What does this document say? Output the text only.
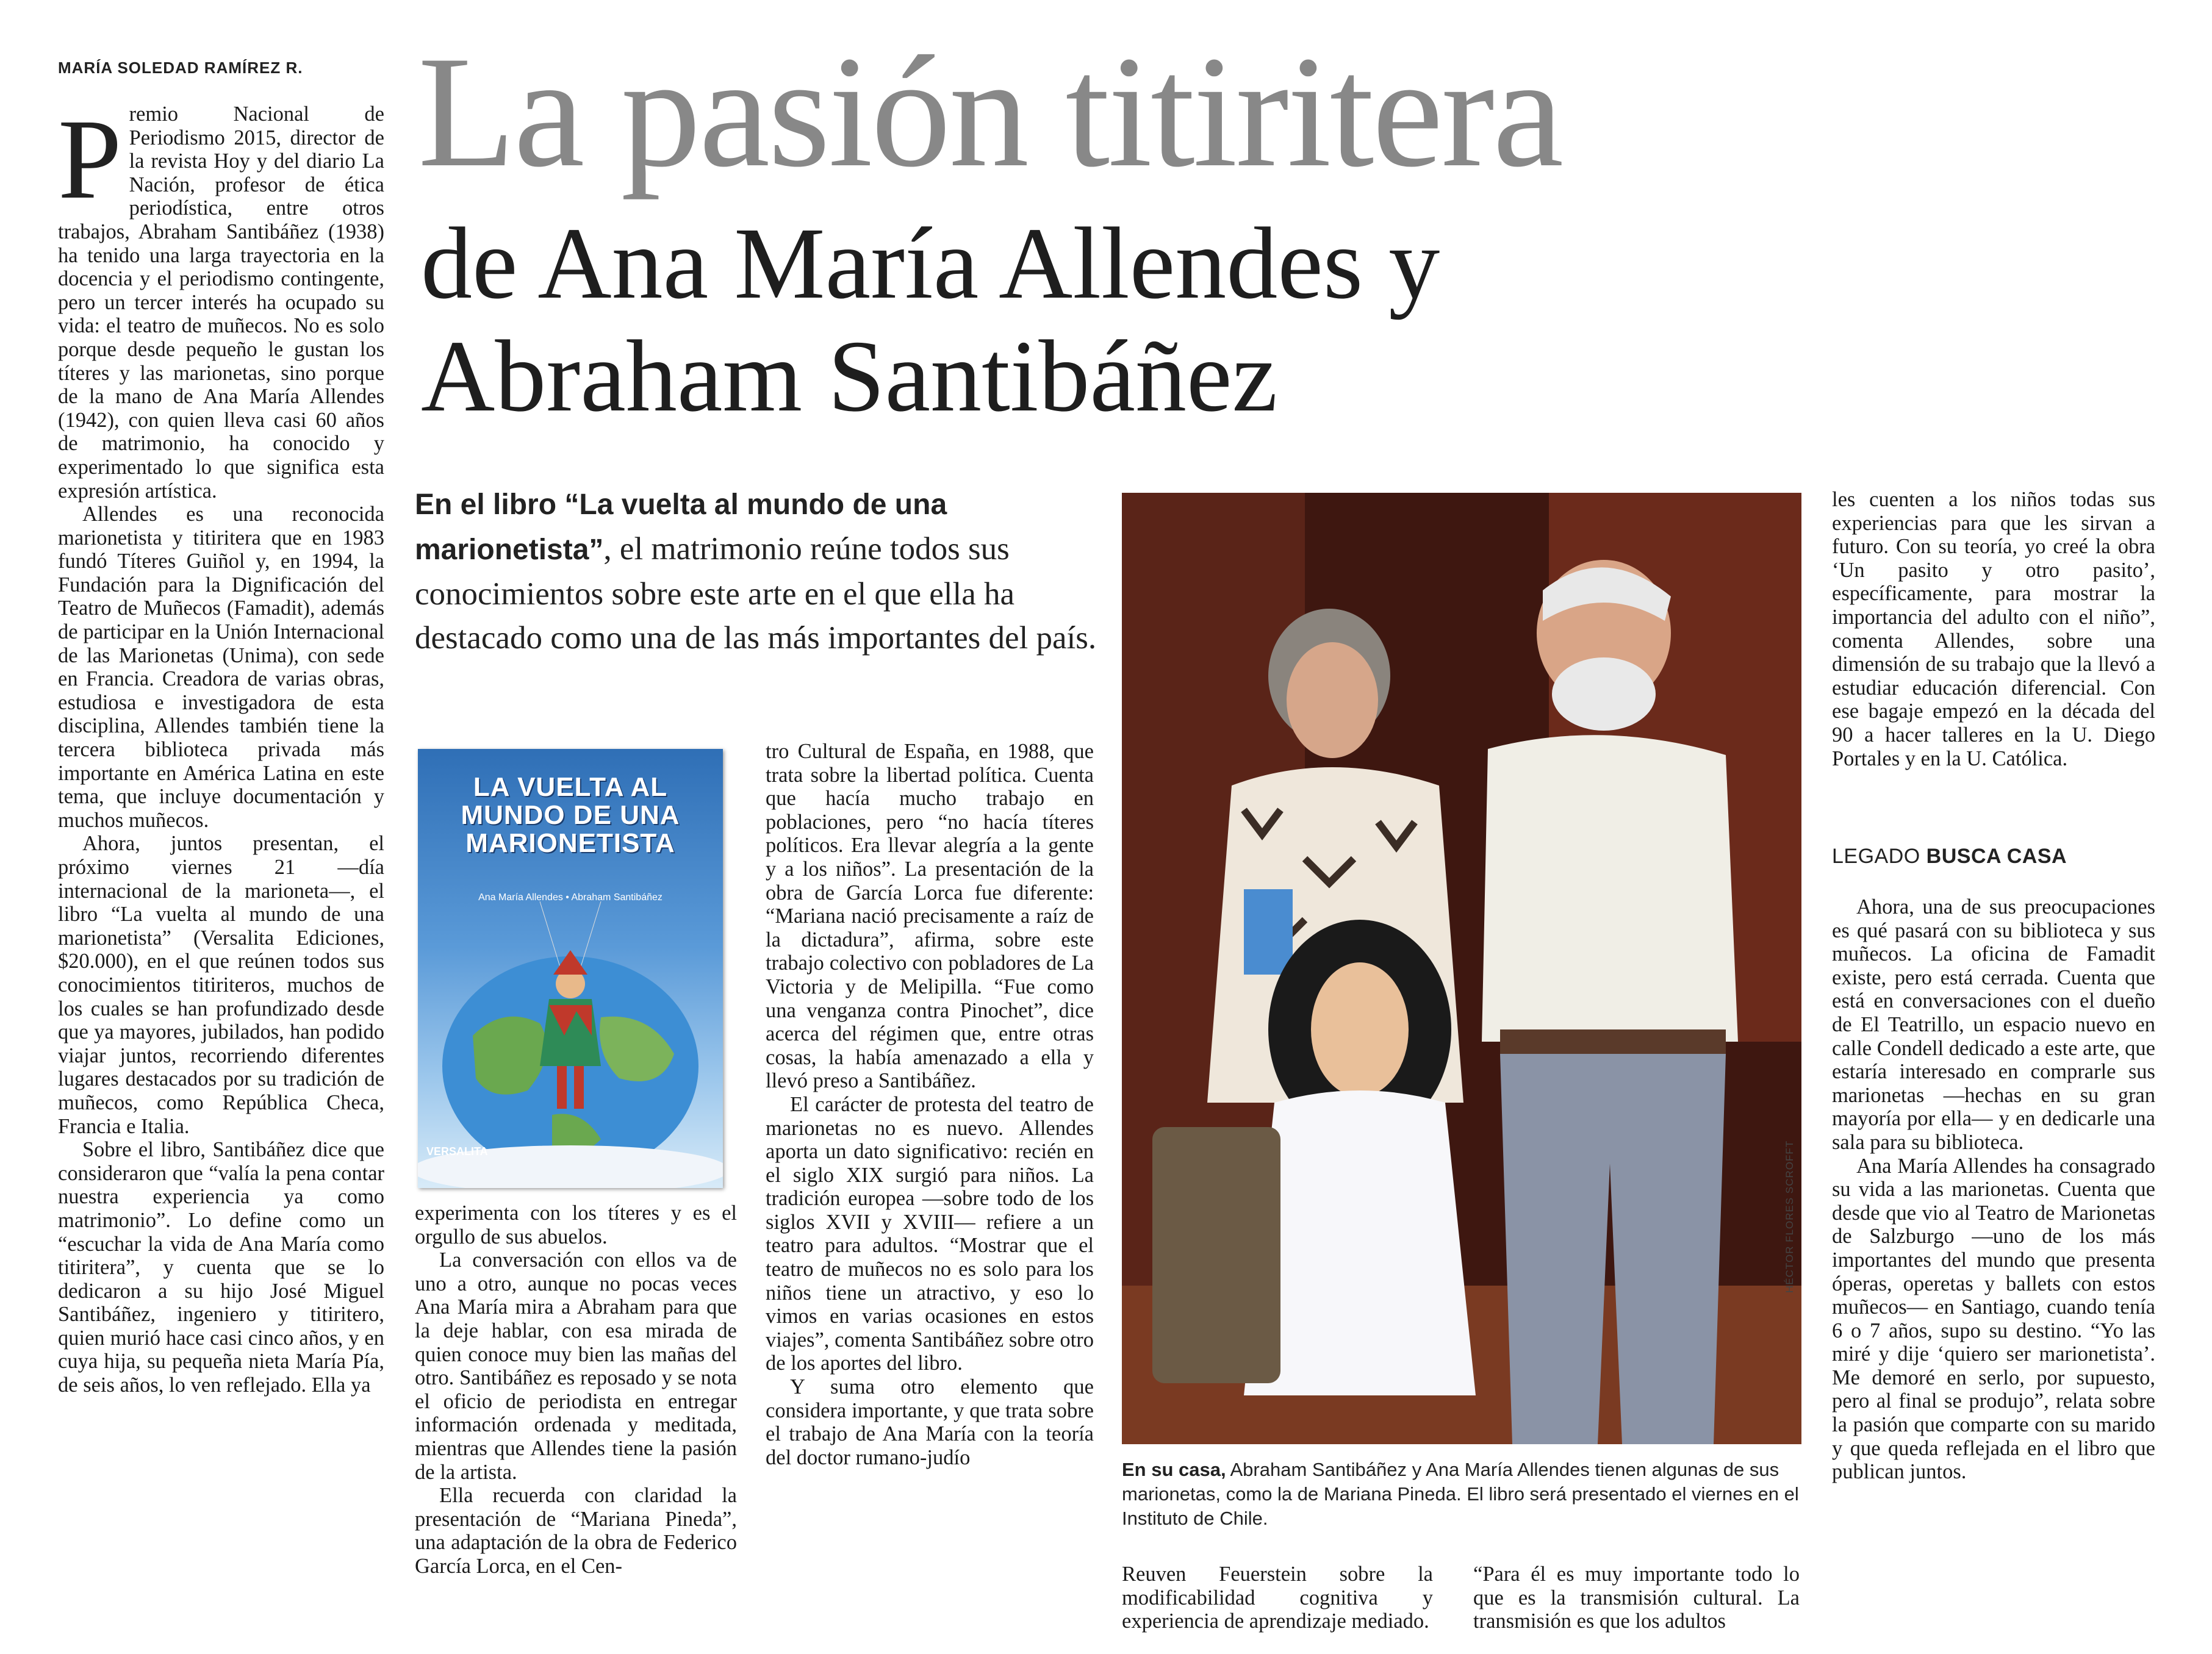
MARÍA SOLEDAD RAMÍREZ R.

Premio Nacional de Periodismo 2015, director de la revista Hoy y del diario La Nación, profesor de ética periodística, entre otros trabajos, Abraham Santibáñez (1938) ha tenido una larga trayectoria en la docencia y el periodismo contingente, pero un tercer interés ha ocupado su vida: el teatro de muñecos. No es solo porque desde pequeño le gustan los títeres y las marionetas, sino porque de la mano de Ana María Allendes (1942), con quien lleva casi 60 años de matrimonio, ha conocido y experimentado lo que significa esta expresión artística.

Allendes es una reconocida marionetista y titiritera que en 1983 fundó Títeres Guiñol y, en 1994, la Fundación para la Dignificación del Teatro de Muñecos (Famadit), además de participar en la Unión Internacional de las Marionetas (Unima), con sede en Francia. Creadora de varias obras, estudiosa e investigadora de esta disciplina, Allendes también tiene la tercera biblioteca privada más importante en América Latina en este tema, que incluye documentación y muchos muñecos.

Ahora, juntos presentan, el próximo viernes 21 —día internacional de la marioneta—, el libro “La vuelta al mundo de una marionetista” (Versalita Ediciones, $20.000), en el que reúnen todos sus conocimientos titiriteros, muchos de los cuales se han profundizado desde que ya mayores, jubilados, han podido viajar juntos, recorriendo diferentes lugares destacados por su tradición de muñecos, como República Checa, Francia e Italia.

Sobre el libro, Santibáñez dice que consideraron que “valía la pena contar nuestra experiencia ya como matrimonio”. Lo define como un “escuchar la vida de Ana María como titiritera”, y cuenta que se lo dedicaron a su hijo José Miguel Santibáñez, ingeniero y titiritero, quien murió hace casi cinco años, y en cuya hija, su pequeña nieta María Pía, de seis años, lo ven reflejado. Ella ya

La pasión titiritera
de Ana María Allendes y
Abraham Santibáñez
En el libro “La vuelta al mundo de una marionetista”, el matrimonio reúne todos sus conocimientos sobre este arte en el que ella ha destacado como una de las más importantes del país.
LA VUELTA AL MUNDO DE UNA MARIONETISTA
Ana María Allendes • Abraham Santibáñez
VERSALITA

experimenta con los títeres y es el orgullo de sus abuelos.

La conversación con ellos va de uno a otro, aunque no pocas veces Ana María mira a Abraham para que la deje hablar, con esa mirada de quien conoce muy bien las mañas del otro. Santibáñez es reposado y se nota el oficio de periodista en entregar información ordenada y meditada, mientras que Allendes tiene la pasión de la artista.

Ella recuerda con claridad la presentación de “Mariana Pineda”, una adaptación de la obra de Federico García Lorca, en el Cen-

tro Cultural de España, en 1988, que trata sobre la libertad política. Cuenta que hacía mucho trabajo en poblaciones, pero “no hacía títeres políticos. Era llevar alegría a la gente y a los niños”. La presentación de la obra de García Lorca fue diferente: “Mariana nació precisamente a raíz de la dictadura”, afirma, sobre este trabajo colectivo con pobladores de La Victoria y de Melipilla. “Fue como una venganza contra Pinochet”, dice acerca del régimen que, entre otras cosas, la había amenazado a ella y llevó preso a Santibáñez.

El carácter de protesta del teatro de marionetas no es nuevo. Allendes aporta un dato significativo: recién en el siglo XIX surgió para niños. La tradición europea —sobre todo de los siglos XVII y XVIII— refiere a un teatro para adultos. “Mostrar que el teatro de muñecos no es solo para los niños tiene un atractivo, y eso lo vimos en varias ocasiones en estos viajes”, comenta Santibáñez sobre otro de los aportes del libro.

Y suma otro elemento que considera importante, y que trata sobre el trabajo de Ana María con la teoría del doctor rumano-judío

HÉCTOR FLORES SCROFFT
En su casa, Abraham Santibáñez y Ana María Allendes tienen algunas de sus marionetas, como la de Mariana Pineda. El libro será presentado el viernes en el Instituto de Chile.

Reuven Feuerstein sobre la modificabilidad cognitiva y experiencia de aprendizaje mediado.

“Para él es muy importante todo lo que es la transmisión cultural. La transmisión es que los adultos

les cuenten a los niños todas sus experiencias para que les sirvan a futuro. Con su teoría, yo creé la obra ‘Un pasito y otro pasito’, específicamente, para mostrar la importancia del adulto con el niño”, comenta Allendes, sobre una dimensión de su trabajo que la llevó a estudiar educación diferencial. Con ese bagaje empezó en la década del 90 a hacer talleres en la U. Diego Portales y en la U. Católica.

LEGADO BUSCA CASA

Ahora, una de sus preocupaciones es qué pasará con su biblioteca y sus muñecos. La oficina de Famadit existe, pero está cerrada. Cuenta que está en conversaciones con el dueño de El Teatrillo, un espacio nuevo en calle Condell dedicado a este arte, que estaría interesado en comprarle sus marionetas —hechas en su gran mayoría por ella— y en dedicarle una sala para su biblioteca.

Ana María Allendes ha consagrado su vida a las marionetas. Cuenta que desde que vio al Teatro de Marionetas de Salzburgo —uno de los más importantes del mundo que presenta óperas, operetas y ballets con estos muñecos— en Santiago, cuando tenía 6 o 7 años, supo su destino. “Yo las miré y dije ‘quiero ser marionetista’. Me demoré en serlo, por supuesto, pero al final se produjo”, relata sobre la pasión que comparte con su marido y que queda reflejada en el libro que publican juntos.
